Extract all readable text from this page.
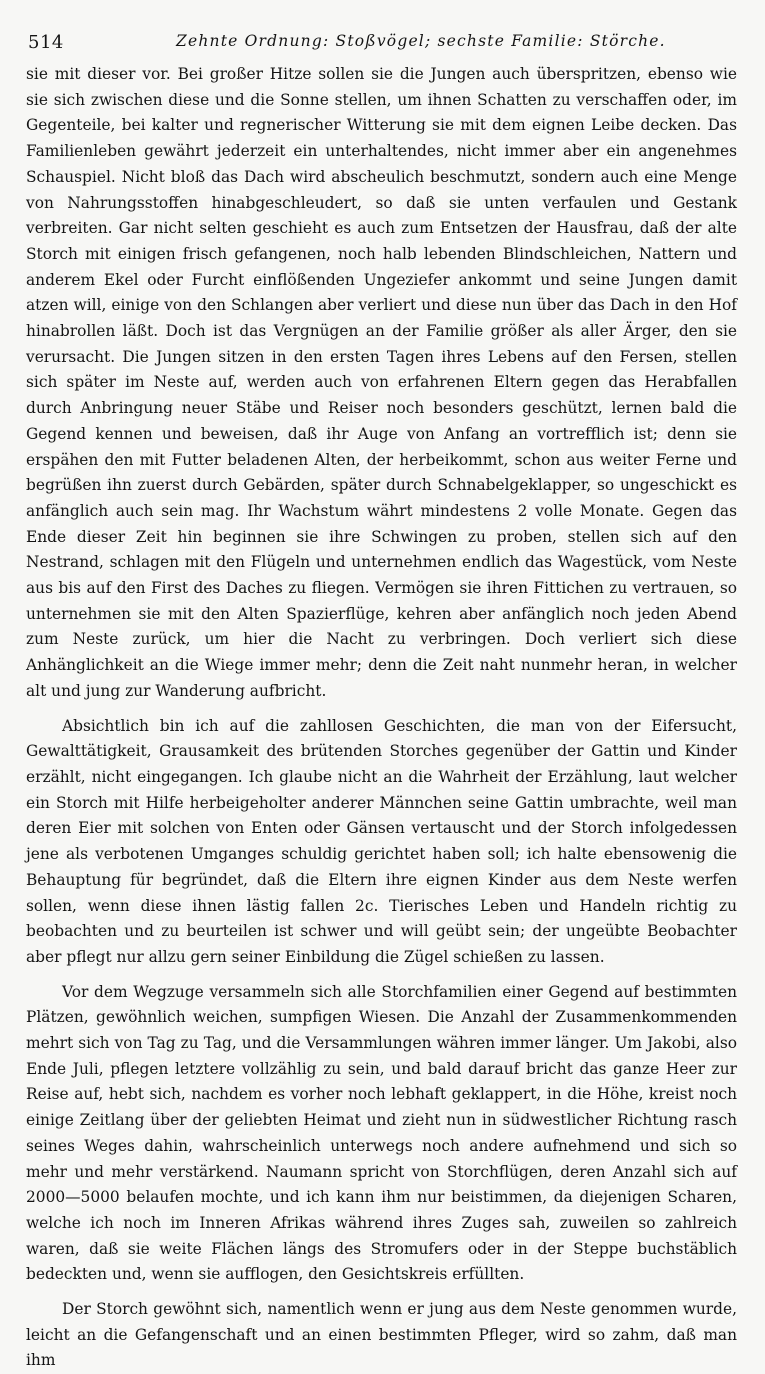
514	Zehnte Ordnung: Stoßvögel; sechste Familie: Störche.

sie mit dieser vor. Bei großer Hitze sollen sie die Jungen auch überspritzen, ebenso wie sie sich zwischen diese und die Sonne stellen, um ihnen Schatten zu verschaffen oder, im Gegenteile, bei kalter und regnerischer Witterung sie mit dem eignen Leibe decken. Das Familienleben gewährt jederzeit ein unterhaltendes, nicht immer aber ein angenehmes Schauspiel. Nicht bloß das Dach wird abscheulich beschmutzt, sondern auch eine Menge von Nahrungsstoffen hinabgeschleudert, so daß sie unten verfaulen und Gestank verbreiten. Gar nicht selten geschieht es auch zum Entsetzen der Hausfrau, daß der alte Storch mit einigen frisch gefangenen, noch halb lebenden Blindschleichen, Nattern und anderem Ekel oder Furcht einflößenden Ungeziefer ankommt und seine Jungen damit atzen will, einige von den Schlangen aber verliert und diese nun über das Dach in den Hof hinabrollen läßt. Doch ist das Vergnügen an der Familie größer als aller Ärger, den sie verursacht. Die Jungen sitzen in den ersten Tagen ihres Lebens auf den Fersen, stellen sich später im Neste auf, werden auch von erfahrenen Eltern gegen das Herabfallen durch Anbringung neuer Stäbe und Reiser noch besonders geschützt, lernen bald die Gegend kennen und beweisen, daß ihr Auge von Anfang an vortrefflich ist; denn sie erspähen den mit Futter beladenen Alten, der herbeikommt, schon aus weiter Ferne und begrüßen ihn zuerst durch Gebärden, später durch Schnabelgeklapper, so ungeschickt es anfänglich auch sein mag. Ihr Wachstum währt mindestens 2 volle Monate. Gegen das Ende dieser Zeit hin beginnen sie ihre Schwingen zu proben, stellen sich auf den Nestrand, schlagen mit den Flügeln und unternehmen endlich das Wagestück, vom Neste aus bis auf den First des Daches zu fliegen. Vermögen sie ihren Fittichen zu vertrauen, so unternehmen sie mit den Alten Spazierflüge, kehren aber anfänglich noch jeden Abend zum Neste zurück, um hier die Nacht zu verbringen. Doch verliert sich diese Anhänglichkeit an die Wiege immer mehr; denn die Zeit naht nunmehr heran, in welcher alt und jung zur Wanderung aufbricht.

Absichtlich bin ich auf die zahllosen Geschichten, die man von der Eifersucht, Gewalttätigkeit, Grausamkeit des brütenden Storches gegenüber der Gattin und Kinder erzählt, nicht eingegangen. Ich glaube nicht an die Wahrheit der Erzählung, laut welcher ein Storch mit Hilfe herbeigeholter anderer Männchen seine Gattin umbrachte, weil man deren Eier mit solchen von Enten oder Gänsen vertauscht und der Storch infolgedessen jene als verbotenen Umganges schuldig gerichtet haben soll; ich halte ebensowenig die Behauptung für begründet, daß die Eltern ihre eignen Kinder aus dem Neste werfen sollen, wenn diese ihnen lästig fallen 2c. Tierisches Leben und Handeln richtig zu beobachten und zu beurteilen ist schwer und will geübt sein; der ungeübte Beobachter aber pflegt nur allzu gern seiner Einbildung die Zügel schießen zu lassen.

Vor dem Wegzuge versammeln sich alle Storchfamilien einer Gegend auf bestimmten Plätzen, gewöhnlich weichen, sumpfigen Wiesen. Die Anzahl der Zusammenkommenden mehrt sich von Tag zu Tag, und die Versammlungen währen immer länger. Um Jakobi, also Ende Juli, pflegen letztere vollzählig zu sein, und bald darauf bricht das ganze Heer zur Reise auf, hebt sich, nachdem es vorher noch lebhaft geklappert, in die Höhe, kreist noch einige Zeitlang über der geliebten Heimat und zieht nun in südwestlicher Richtung rasch seines Weges dahin, wahrscheinlich unterwegs noch andere aufnehmend und sich so mehr und mehr verstärkend. Naumann spricht von Storchflügen, deren Anzahl sich auf 2000—5000 belaufen mochte, und ich kann ihm nur beistimmen, da diejenigen Scharen, welche ich noch im Inneren Afrikas während ihres Zuges sah, zuweilen so zahlreich waren, daß sie weite Flächen längs des Stromufers oder in der Steppe buchstäblich bedeckten und, wenn sie aufflogen, den Gesichtskreis erfüllten.

Der Storch gewöhnt sich, namentlich wenn er jung aus dem Neste genommen wurde, leicht an die Gefangenschaft und an einen bestimmten Pfleger, wird so zahm, daß man ihm
